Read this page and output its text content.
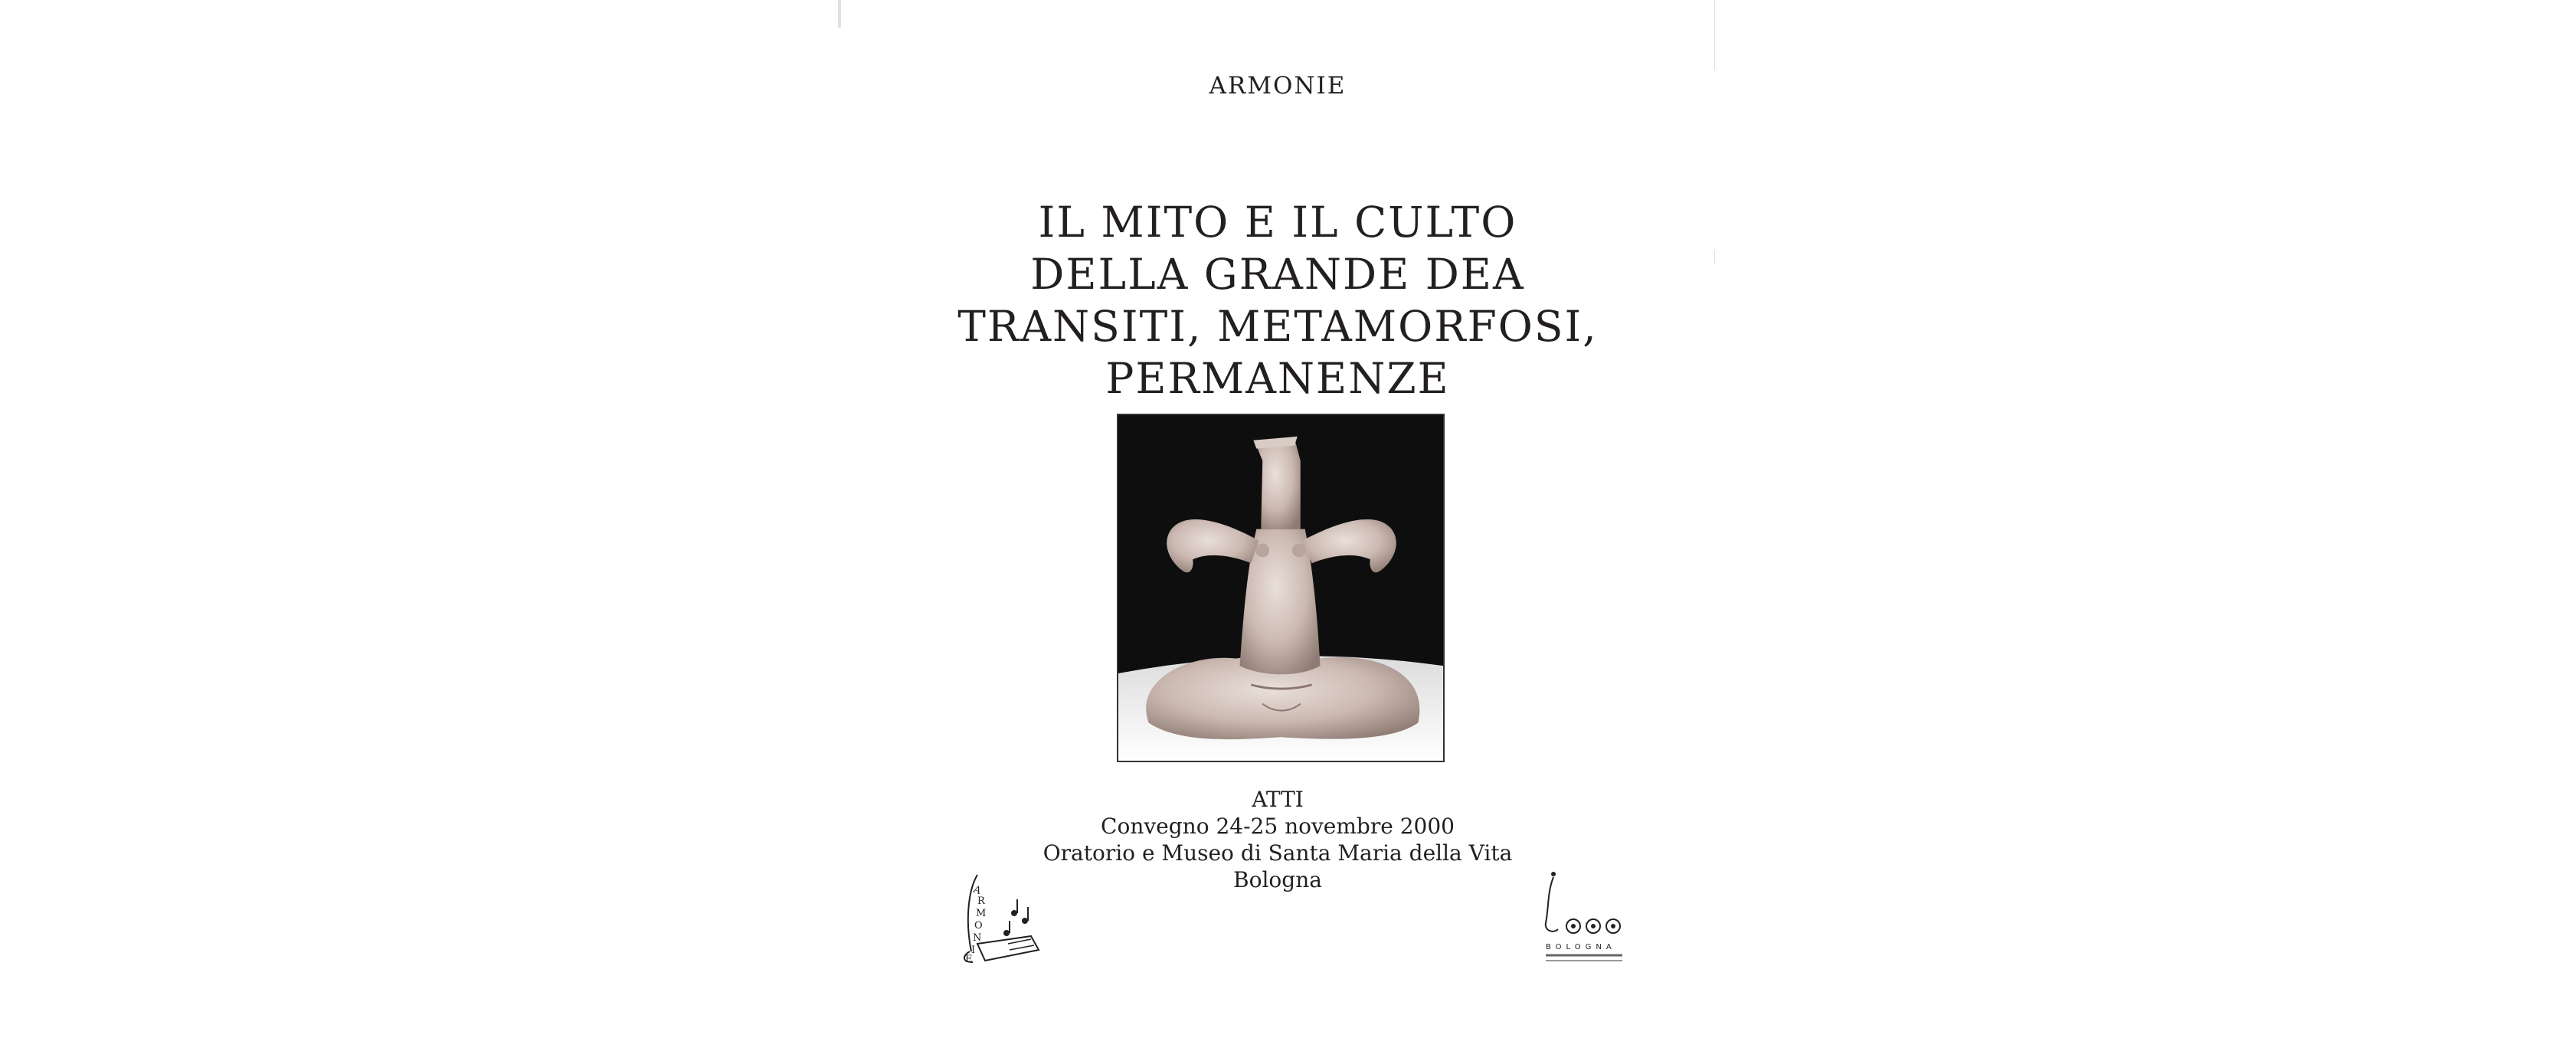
ARMONIE
IL MITO E IL CULTO
DELLA GRANDE DEA
TRANSITI, METAMORFOSI,
PERMANENZE
ATTI
Convegno 24-25 novembre 2000
Oratorio e Museo di Santa Maria della Vita
Bologna
A
R
M
O
N
I
E
BOLOGNA
